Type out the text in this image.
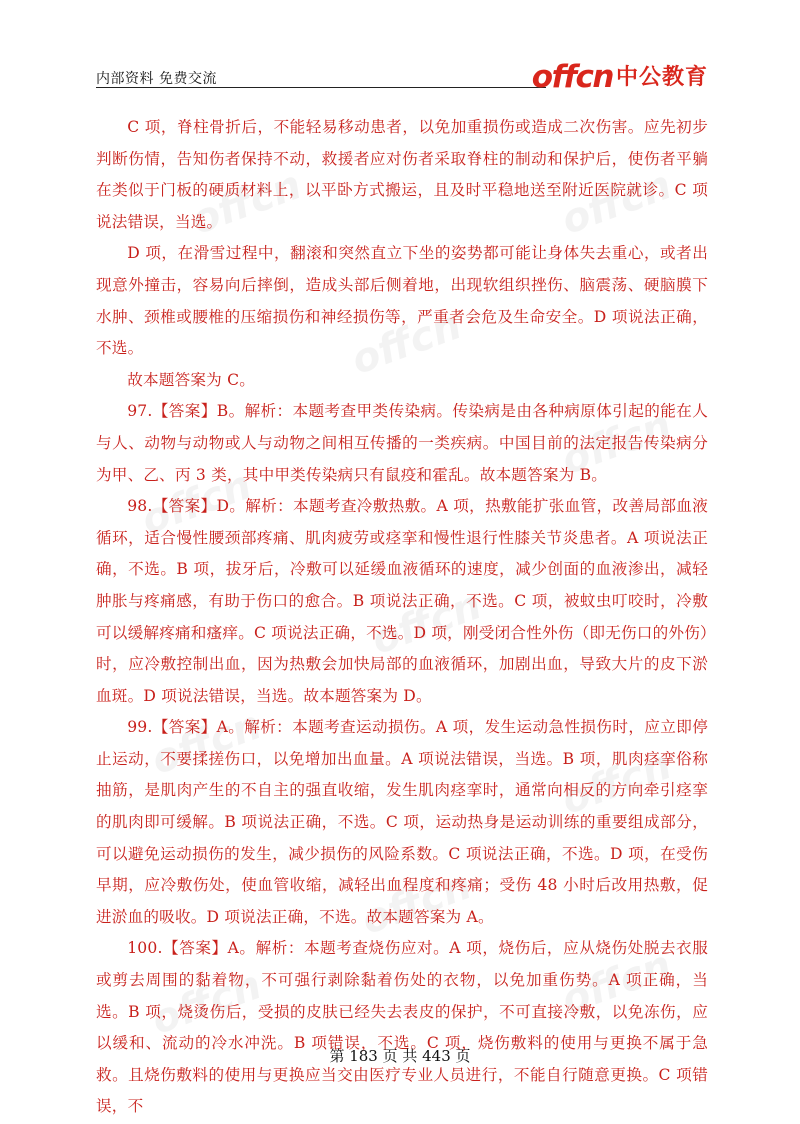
内部资料 免费交流	offcn 中公教育

C 项，脊柱骨折后，不能轻易移动患者，以免加重损伤或造成二次伤害。应先初步判断伤情，告知伤者保持不动，救援者应对伤者采取脊柱的制动和保护后，使伤者平躺在类似于门板的硬质材料上，以平卧方式搬运，且及时平稳地送至附近医院就诊。C 项说法错误，当选。

D 项，在滑雪过程中，翻滚和突然直立下坐的姿势都可能让身体失去重心，或者出现意外撞击，容易向后摔倒，造成头部后侧着地，出现软组织挫伤、脑震荡、硬脑膜下水肿、颈椎或腰椎的压缩损伤和神经损伤等，严重者会危及生命安全。D 项说法正确，不选。

故本题答案为 C。

97.【答案】B。解析：本题考查甲类传染病。传染病是由各种病原体引起的能在人与人、动物与动物或人与动物之间相互传播的一类疾病。中国目前的法定报告传染病分为甲、乙、丙 3 类，其中甲类传染病只有鼠疫和霍乱。故本题答案为 B。

98.【答案】D。解析：本题考查冷敷热敷。A 项，热敷能扩张血管，改善局部血液循环，适合慢性腰颈部疼痛、肌肉疲劳或痉挛和慢性退行性膝关节炎患者。A 项说法正确，不选。B 项，拔牙后，冷敷可以延缓血液循环的速度，减少创面的血液渗出，减轻肿胀与疼痛感，有助于伤口的愈合。B 项说法正确，不选。C 项，被蚊虫叮咬时，冷敷可以缓解疼痛和瘙痒。C 项说法正确，不选。D 项，刚受闭合性外伤（即无伤口的外伤）时，应冷敷控制出血，因为热敷会加快局部的血液循环，加剧出血，导致大片的皮下淤血斑。D 项说法错误，当选。故本题答案为 D。

99.【答案】A。解析：本题考查运动损伤。A 项，发生运动急性损伤时，应立即停止运动，不要揉搓伤口，以免增加出血量。A 项说法错误，当选。B 项，肌肉痉挛俗称抽筋，是肌肉产生的不自主的强直收缩，发生肌肉痉挛时，通常向相反的方向牵引痉挛的肌肉即可缓解。B 项说法正确，不选。C 项，运动热身是运动训练的重要组成部分，可以避免运动损伤的发生，减少损伤的风险系数。C 项说法正确，不选。D 项，在受伤早期，应冷敷伤处，使血管收缩，减轻出血程度和疼痛；受伤 48 小时后改用热敷，促进淤血的吸收。D 项说法正确，不选。故本题答案为 A。

100.【答案】A。解析：本题考查烧伤应对。A 项，烧伤后，应从烧伤处脱去衣服或剪去周围的黏着物，不可强行剥除黏着伤处的衣物，以免加重伤势。A 项正确，当选。B 项，烧烫伤后，受损的皮肤已经失去表皮的保护，不可直接冷敷，以免冻伤，应以缓和、流动的冷水冲洗。B 项错误，不选。C 项，烧伤敷料的使用与更换不属于急救。且烧伤敷料的使用与更换应当交由医疗专业人员进行，不能自行随意更换。C 项错误，不

第 183 页 共 443 页
